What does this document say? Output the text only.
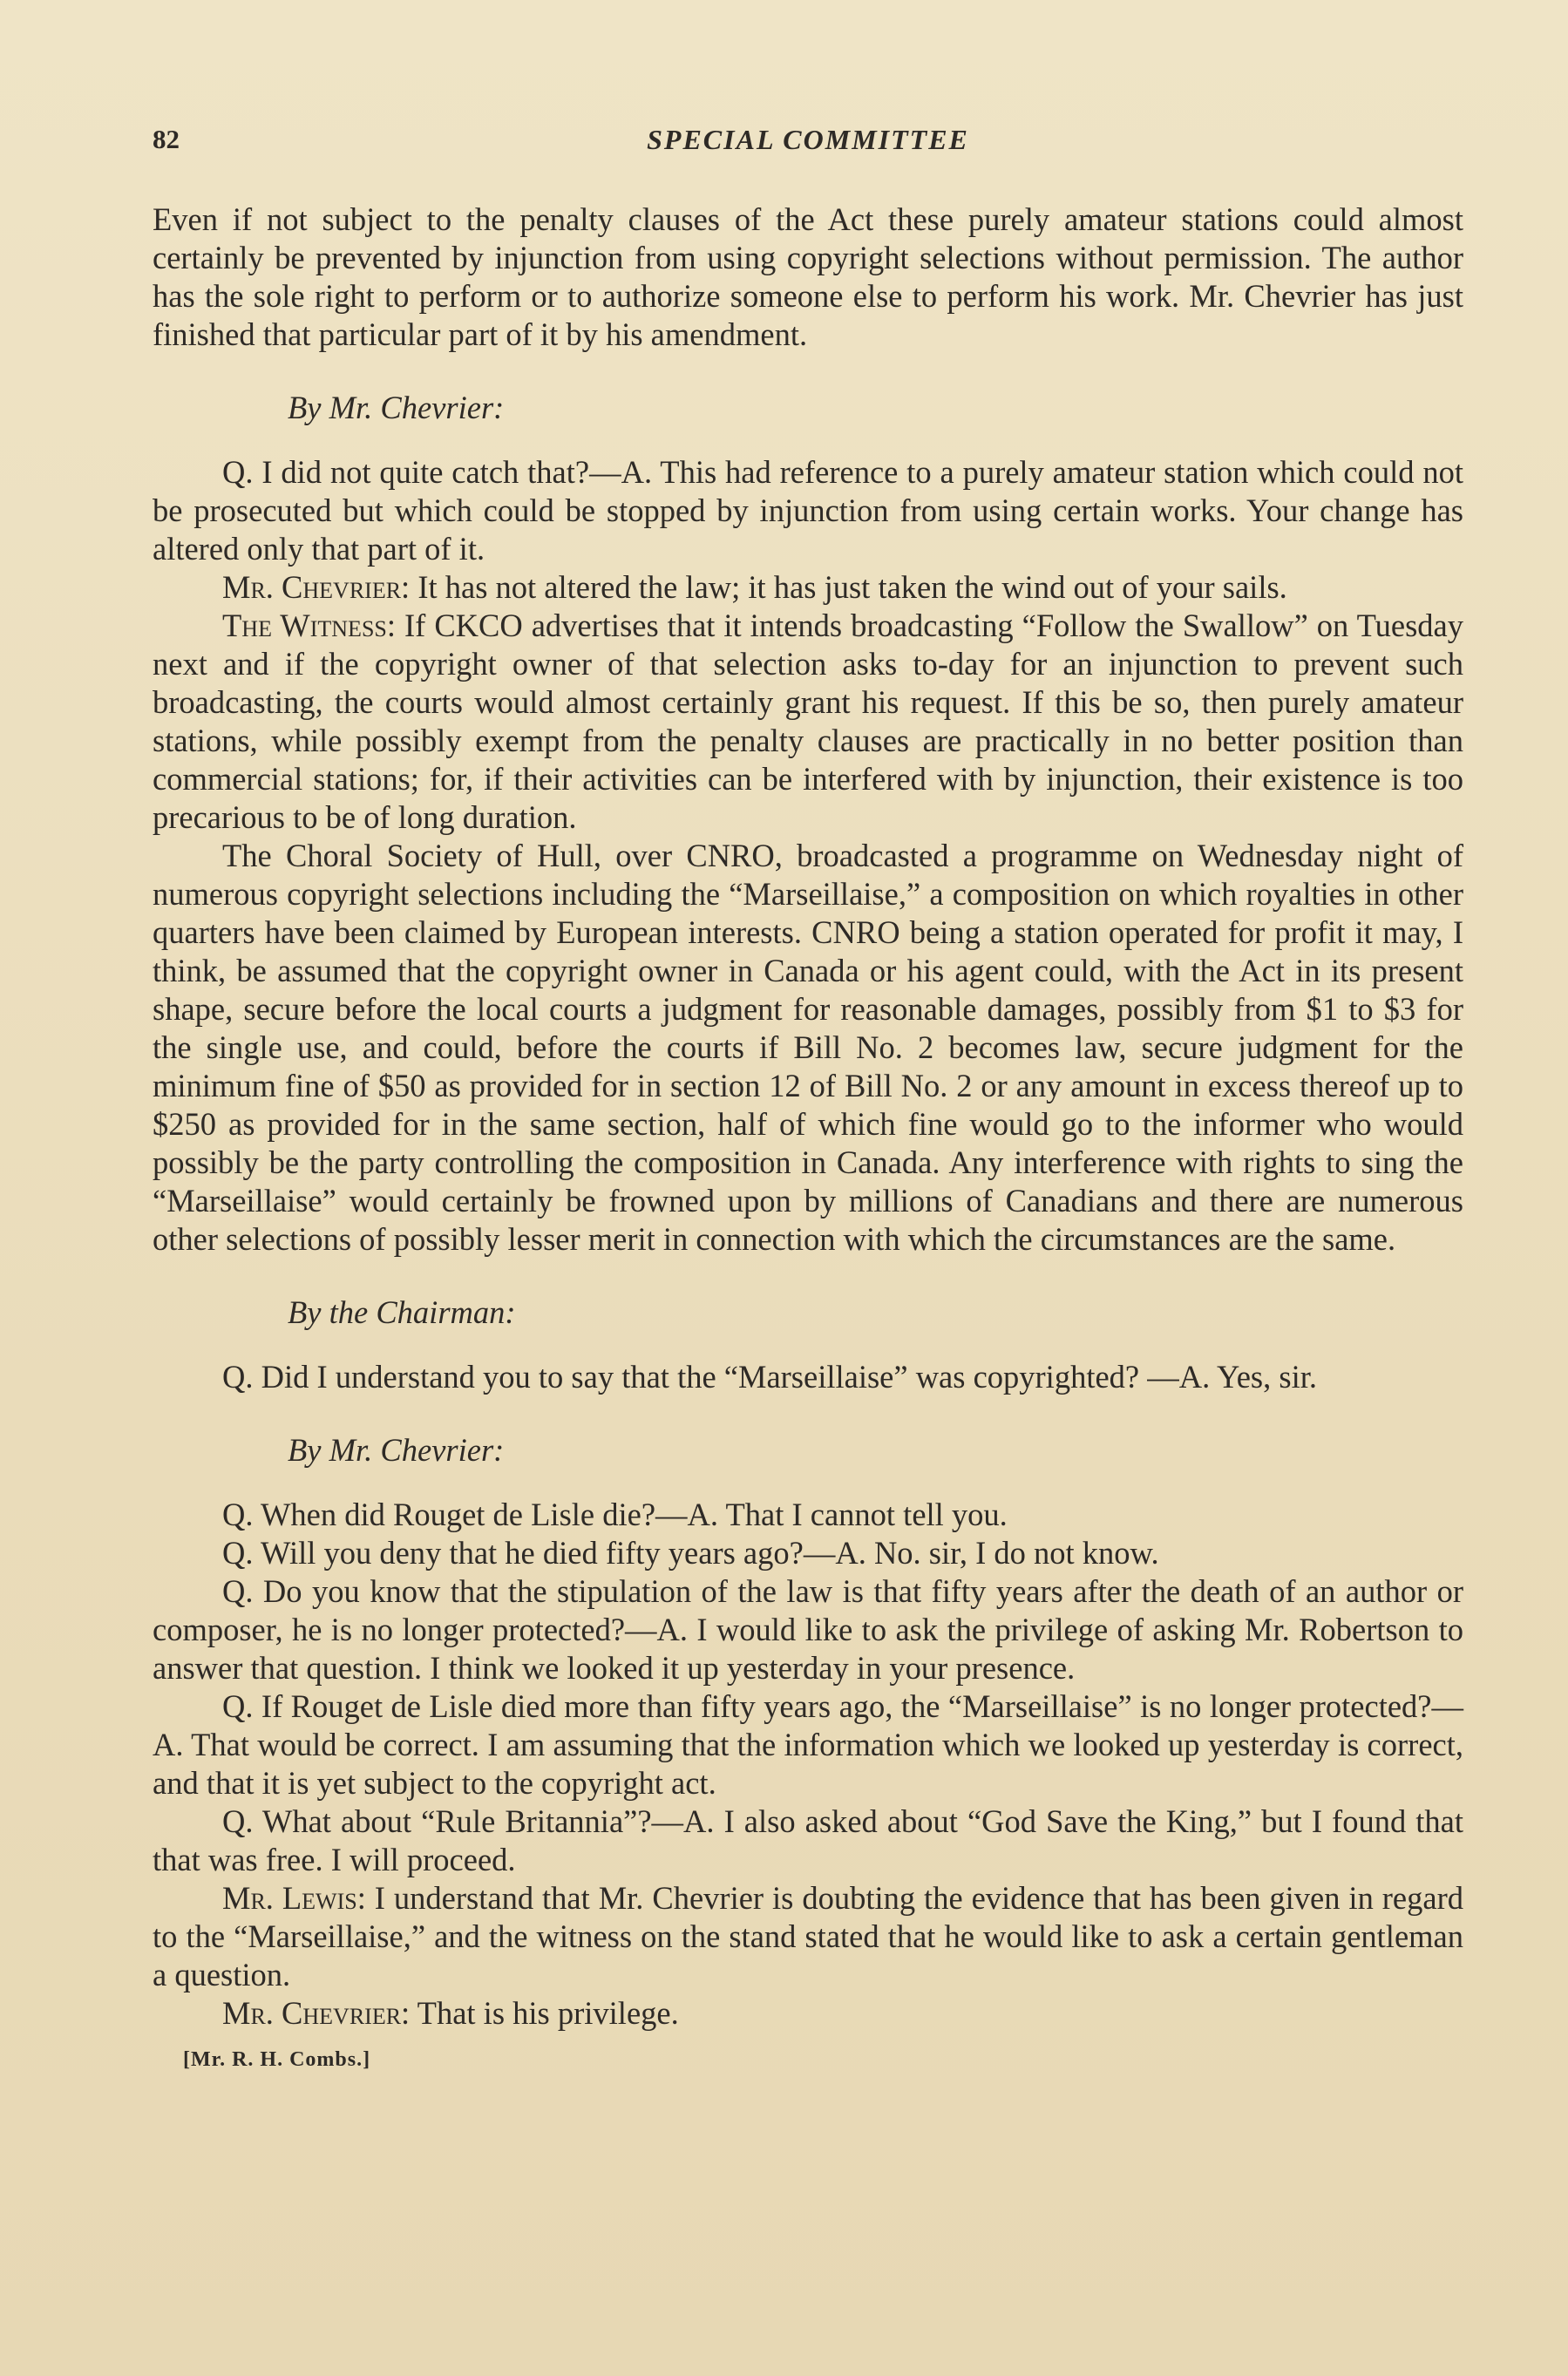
82	SPECIAL COMMITTEE

Even if not subject to the penalty clauses of the Act these purely amateur stations could almost certainly be prevented by injunction from using copyright selections without permission. The author has the sole right to perform or to authorize someone else to perform his work. Mr. Chevrier has just finished that particular part of it by his amendment.

By Mr. Chevrier:

Q. I did not quite catch that?—A. This had reference to a purely amateur station which could not be prosecuted but which could be stopped by injunction from using certain works. Your change has altered only that part of it.

Mr. Chevrier: It has not altered the law; it has just taken the wind out of your sails.

The Witness: If CKCO advertises that it intends broadcasting “Follow the Swallow” on Tuesday next and if the copyright owner of that selection asks to-day for an injunction to prevent such broadcasting, the courts would almost certainly grant his request. If this be so, then purely amateur stations, while possibly exempt from the penalty clauses are practically in no better position than commercial stations; for, if their activities can be interfered with by injunction, their existence is too precarious to be of long duration.

The Choral Society of Hull, over CNRO, broadcasted a programme on Wednesday night of numerous copyright selections including the “Marseillaise,” a composition on which royalties in other quarters have been claimed by European interests. CNRO being a station operated for profit it may, I think, be assumed that the copyright owner in Canada or his agent could, with the Act in its present shape, secure before the local courts a judgment for reasonable damages, possibly from $1 to $3 for the single use, and could, before the courts if Bill No. 2 becomes law, secure judgment for the minimum fine of $50 as provided for in section 12 of Bill No. 2 or any amount in excess thereof up to $250 as provided for in the same section, half of which fine would go to the informer who would possibly be the party controlling the composition in Canada. Any interference with rights to sing the “Marseillaise” would certainly be frowned upon by millions of Canadians and there are numerous other selections of possibly lesser merit in connection with which the circumstances are the same.

By the Chairman:

Q. Did I understand you to say that the “Marseillaise” was copyrighted? —A. Yes, sir.

By Mr. Chevrier:

Q. When did Rouget de Lisle die?—A. That I cannot tell you.

Q. Will you deny that he died fifty years ago?—A. No. sir, I do not know.

Q. Do you know that the stipulation of the law is that fifty years after the death of an author or composer, he is no longer protected?—A. I would like to ask the privilege of asking Mr. Robertson to answer that question. I think we looked it up yesterday in your presence.

Q. If Rouget de Lisle died more than fifty years ago, the “Marseillaise” is no longer protected?—A. That would be correct. I am assuming that the information which we looked up yesterday is correct, and that it is yet subject to the copyright act.

Q. What about “Rule Britannia”?—A. I also asked about “God Save the King,” but I found that that was free. I will proceed.

Mr. Lewis: I understand that Mr. Chevrier is doubting the evidence that has been given in regard to the “Marseillaise,” and the witness on the stand stated that he would like to ask a certain gentleman a question.

Mr. Chevrier: That is his privilege.

[Mr. R. H. Combs.]
